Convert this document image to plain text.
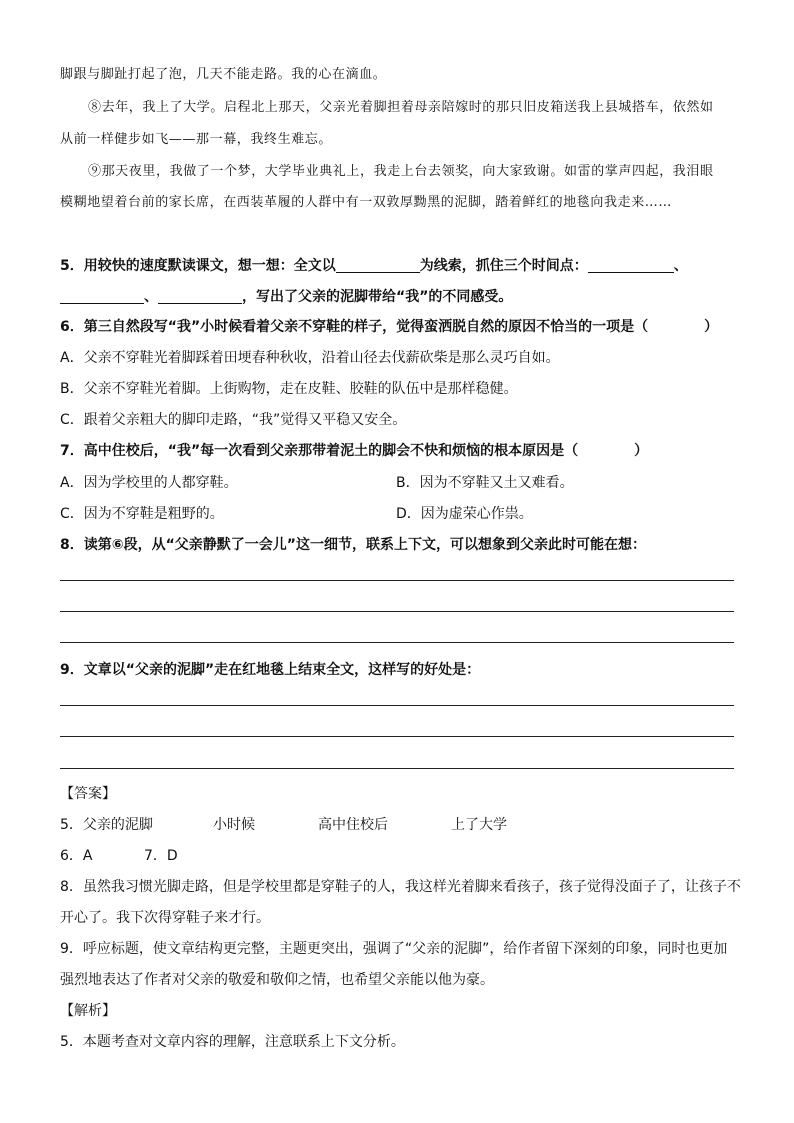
脚跟与脚趾打起了泡，几天不能走路。我的心在滴血。
⑧去年，我上了大学。启程北上那天，父亲光着脚担着母亲陪嫁时的那只旧皮箱送我上县城搭车，依然如
从前一样健步如飞——那一幕，我终生难忘。
⑨那天夜里，我做了一个梦，大学毕业典礼上，我走上台去领奖，向大家致谢。如雷的掌声四起，我泪眼
模糊地望着台前的家长席，在西装革履的人群中有一双敦厚黝黑的泥脚，踏着鲜红的地毯向我走来……
5．用较快的速度默读课文，想一想：全文以	为线索，抓住三个时间点：	、
、	，写出了父亲的泥脚带给“我”的不同感受。
6．第三自然段写“我”小时候看着父亲不穿鞋的样子，觉得蛮洒脱自然的原因不恰当的一项是（	）
A．父亲不穿鞋光着脚踩着田埂春种秋收，沿着山径去伐薪砍柴是那么灵巧自如。
B．父亲不穿鞋光着脚。上街购物，走在皮鞋、胶鞋的队伍中是那样稳健。
C．跟着父亲粗大的脚印走路，“我”觉得又平稳又安全。
7．高中住校后，“我”每一次看到父亲那带着泥土的脚会不快和烦恼的根本原因是（	）
A．因为学校里的人都穿鞋。	B．因为不穿鞋又土又难看。
C．因为不穿鞋是粗野的。	D．因为虚荣心作祟。
8．读第⑥段，从“父亲静默了一会儿”这一细节，联系上下文，可以想象到父亲此时可能在想：
9．文章以“父亲的泥脚”走在红地毯上结束全文，这样写的好处是：
【答案】
5．父亲的泥脚	小时候	高中住校后	上了大学
6．A	7．D
8．虽然我习惯光脚走路，但是学校里都是穿鞋子的人，我这样光着脚来看孩子，孩子觉得没面子了，让孩子不
开心了。我下次得穿鞋子来才行。
9．呼应标题，使文章结构更完整，主题更突出，强调了“父亲的泥脚”，给作者留下深刻的印象，同时也更加
强烈地表达了作者对父亲的敬爱和敬仰之情，也希望父亲能以他为豪。
【解析】
5．本题考查对文章内容的理解，注意联系上下文分析。
